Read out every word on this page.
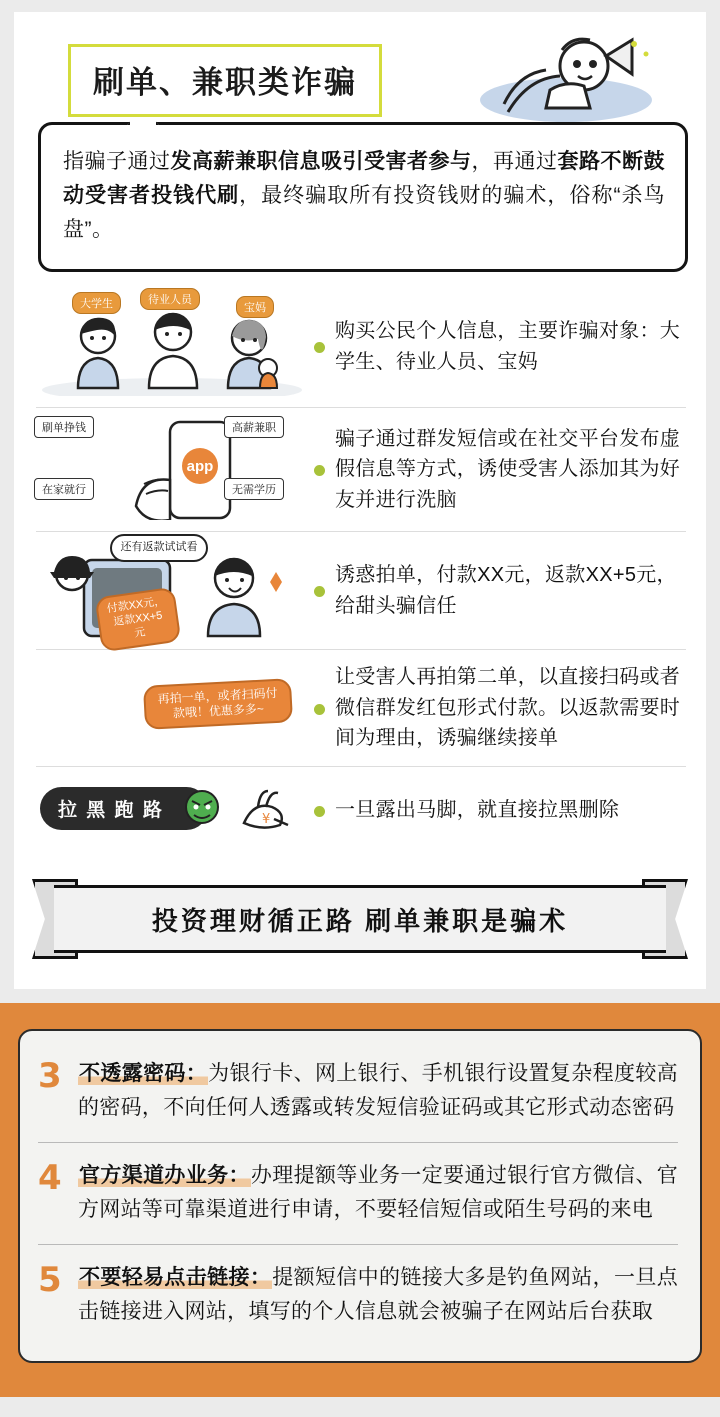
刷单、兼职类诈骗
指骗子通过发高薪兼职信息吸引受害者参与，再通过套路不断鼓动受害者投钱代刷，最终骗取所有投资钱财的骗术，俗称“杀鸟盘”。
大学生	待业人员
宝妈
购买公民个人信息，主要诈骗对象：大学生、待业人员、宝妈
app
刷单挣钱	高薪兼职
在家就行	无需学历
骗子通过群发短信或在社交平台发布虚假信息等方式，诱使受害人添加其为好友并进行洗脑
还有返款试试看
付款XX元，返款XX+5元
诱惑拍单，付款XX元，返款XX+5元，给甜头骗信任
再拍一单，或者扫码付款哦！优惠多多~
让受害人再拍第二单，以直接扫码或者微信群发红包形式付款。以返款需要时间为理由，诱骗继续接单
拉 黑 跑 路	¥	一旦露出马脚，就直接拉黑删除
投资理财循正路 刷单兼职是骗术
3 不透露密码：为银行卡、网上银行、手机银行设置复杂程度较高的密码，不向任何人透露或转发短信验证码或其它形式动态密码
4 官方渠道办业务：办理提额等业务一定要通过银行官方微信、官方网站等可靠渠道进行申请，不要轻信短信或陌生号码的来电
5 不要轻易点击链接：提额短信中的链接大多是钓鱼网站，一旦点击链接进入网站，填写的个人信息就会被骗子在网站后台获取
